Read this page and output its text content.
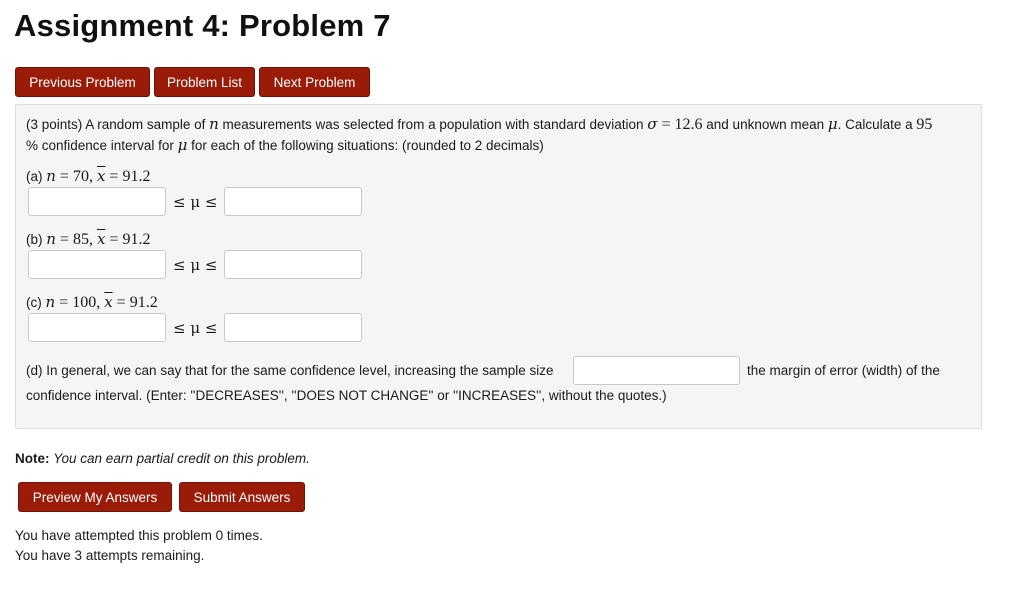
Assignment 4: Problem 7
Previous Problem	Problem List	Next Problem
(3 points) A random sample of n measurements was selected from a population with standard deviation σ = 12.6 and unknown mean μ. Calculate a 95
% confidence interval for μ for each of the following situations: (rounded to 2 decimals)
(a) n = 70, $\overline{x} = 91.2$
≤ μ ≤
(b) n = 85, $\overline{x} = 91.2$
≤ μ ≤
(c) n = 100, $\overline{x} = 91.2$
≤ μ ≤
(d) In general, we can say that for the same confidence level, increasing the sample size	the margin of error (width) of the
confidence interval. (Enter: ''DECREASES'', ''DOES NOT CHANGE'' or ''INCREASES'', without the quotes.)
Note: You can earn partial credit on this problem.
Preview My Answers	Submit Answers
You have attempted this problem 0 times.
You have 3 attempts remaining.
